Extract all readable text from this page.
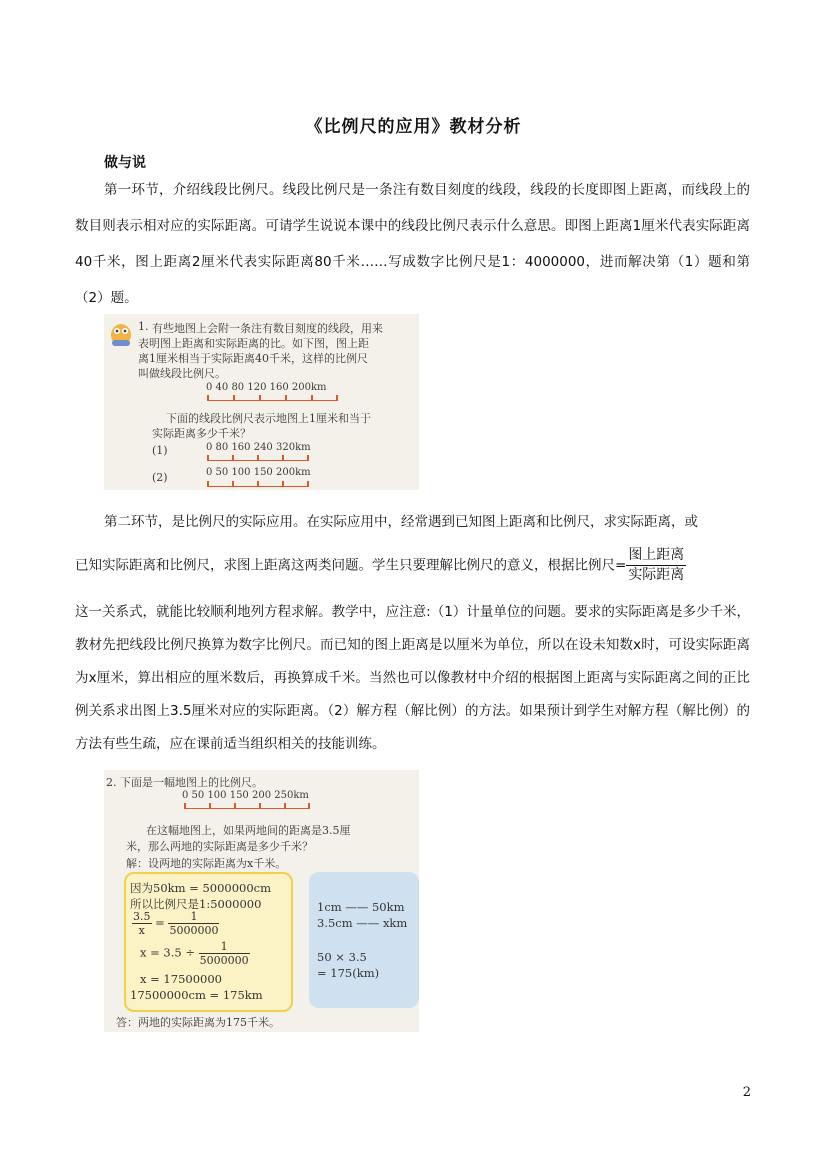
《比例尺的应用》教材分析
做与说
第一环节，介绍线段比例尺。线段比例尺是一条注有数目刻度的线段，线段的长度即图上距离，而线段上的数目则表示相对应的实际距离。可请学生说说本课中的线段比例尺表示什么意思。即图上距离1厘米代表实际距离40千米，图上距离2厘米代表实际距离80千米……写成数字比例尺是1：4000000，进而解决第（1）题和第（2）题。
1. 有些地图上会附一条注有数目刻度的线段，用来
表明图上距离和实际距离的比。如下图，图上距
离1厘米相当于实际距离40千米，这样的比例尺
叫做线段比例尺。
0 40 80 120 160 200km
下面的线段比例尺表示地图上1厘米和当于
实际距离多少千米？
(1)	0 80 160 240 320km
(2)	0 50 100 150 200km
第二环节，是比例尺的实际应用。在实际应用中，经常遇到已知图上距离和比例尺，求实际距离，或
已知实际距离和比例尺，求图上距离这两类问题。学生只要理解比例尺的意义，根据比例尺= $\frac{\text{图上距离}}{\text{实际距离}}$
这一关系式，就能比较顺利地列方程求解。教学中，应注意:（1）计量单位的问题。要求的实际距离是多少千米，教材先把线段比例尺换算为数字比例尺。而已知的图上距离是以厘米为单位，所以在设未知数x时，可设实际距离为x厘米，算出相应的厘米数后，再换算成千米。当然也可以像教材中介绍的根据图上距离与实际距离之间的正比例关系求出图上3.5厘米对应的实际距离。（2）解方程（解比例）的方法。如果预计到学生对解方程（解比例）的方法有些生疏，应在课前适当组织相关的技能训练。
2. 下面是一幅地图上的比例尺。
0 50 100 150 200 250km
在这幅地图上，如果两地间的距离是3.5厘
米，那么两地的实际距离是多少千米？
解：设两地的实际距离为x千米。
因为50km = 5000000cm
所以比例尺是1:5000000
$\frac{3.5}{x} = \frac{1}{5000000}$
$x = 3.5 \div \frac{1}{5000000}$
x = 17500000
17500000cm = 175km
1cm —— 50km
3.5cm —— xkm
50 × 3.5
= 175(km)
答：两地的实际距离为175千米。
2
